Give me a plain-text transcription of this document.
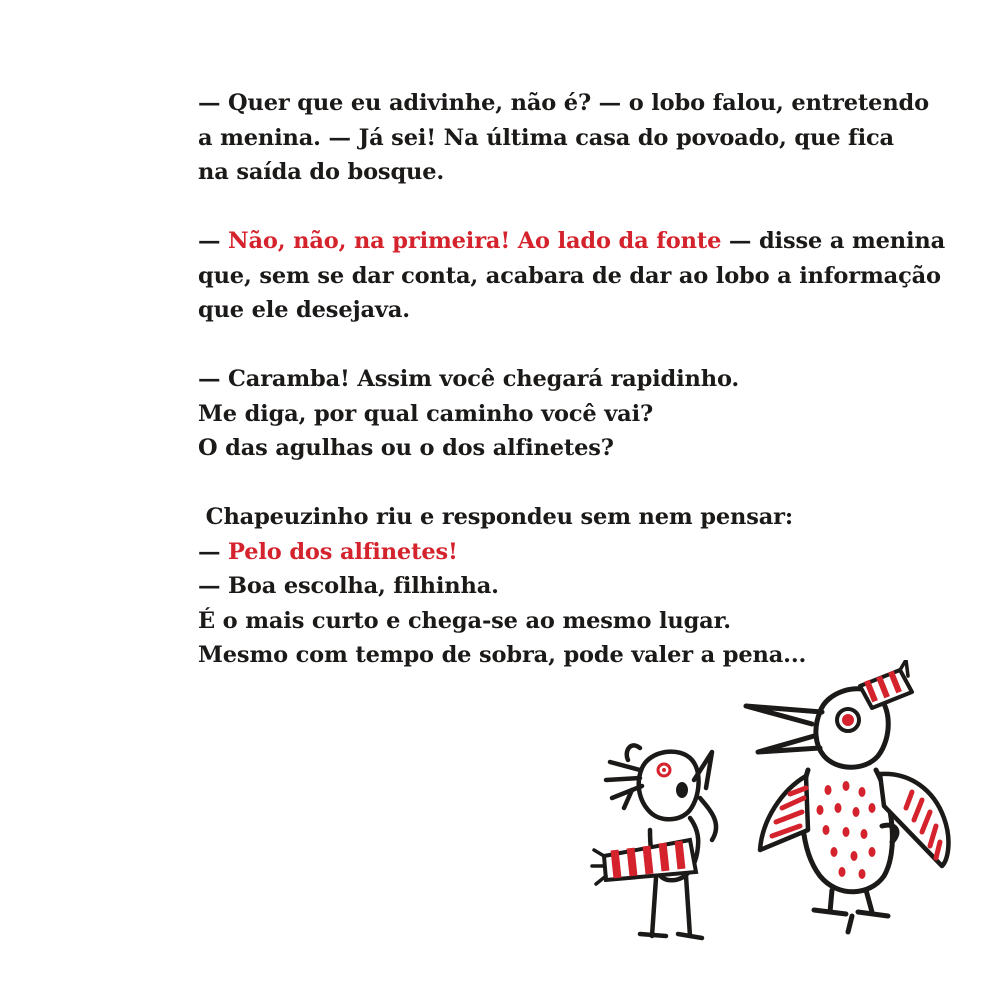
— Quer que eu adivinhe, não é? — o lobo falou, entretendo
a menina. — Já sei! Na última casa do povoado, que fica
na saída do bosque.

— Não, não, na primeira! Ao lado da fonte — disse a menina
que, sem se dar conta, acabara de dar ao lobo a informação
que ele desejava.

— Caramba! Assim você chegará rapidinho.
Me diga, por qual caminho você vai?
O das agulhas ou o dos alfinetes?

Chapeuzinho riu e respondeu sem nem pensar:
— Pelo dos alfinetes!
— Boa escolha, filhinha.
É o mais curto e chega-se ao mesmo lugar.
Mesmo com tempo de sobra, pode valer a pena...
